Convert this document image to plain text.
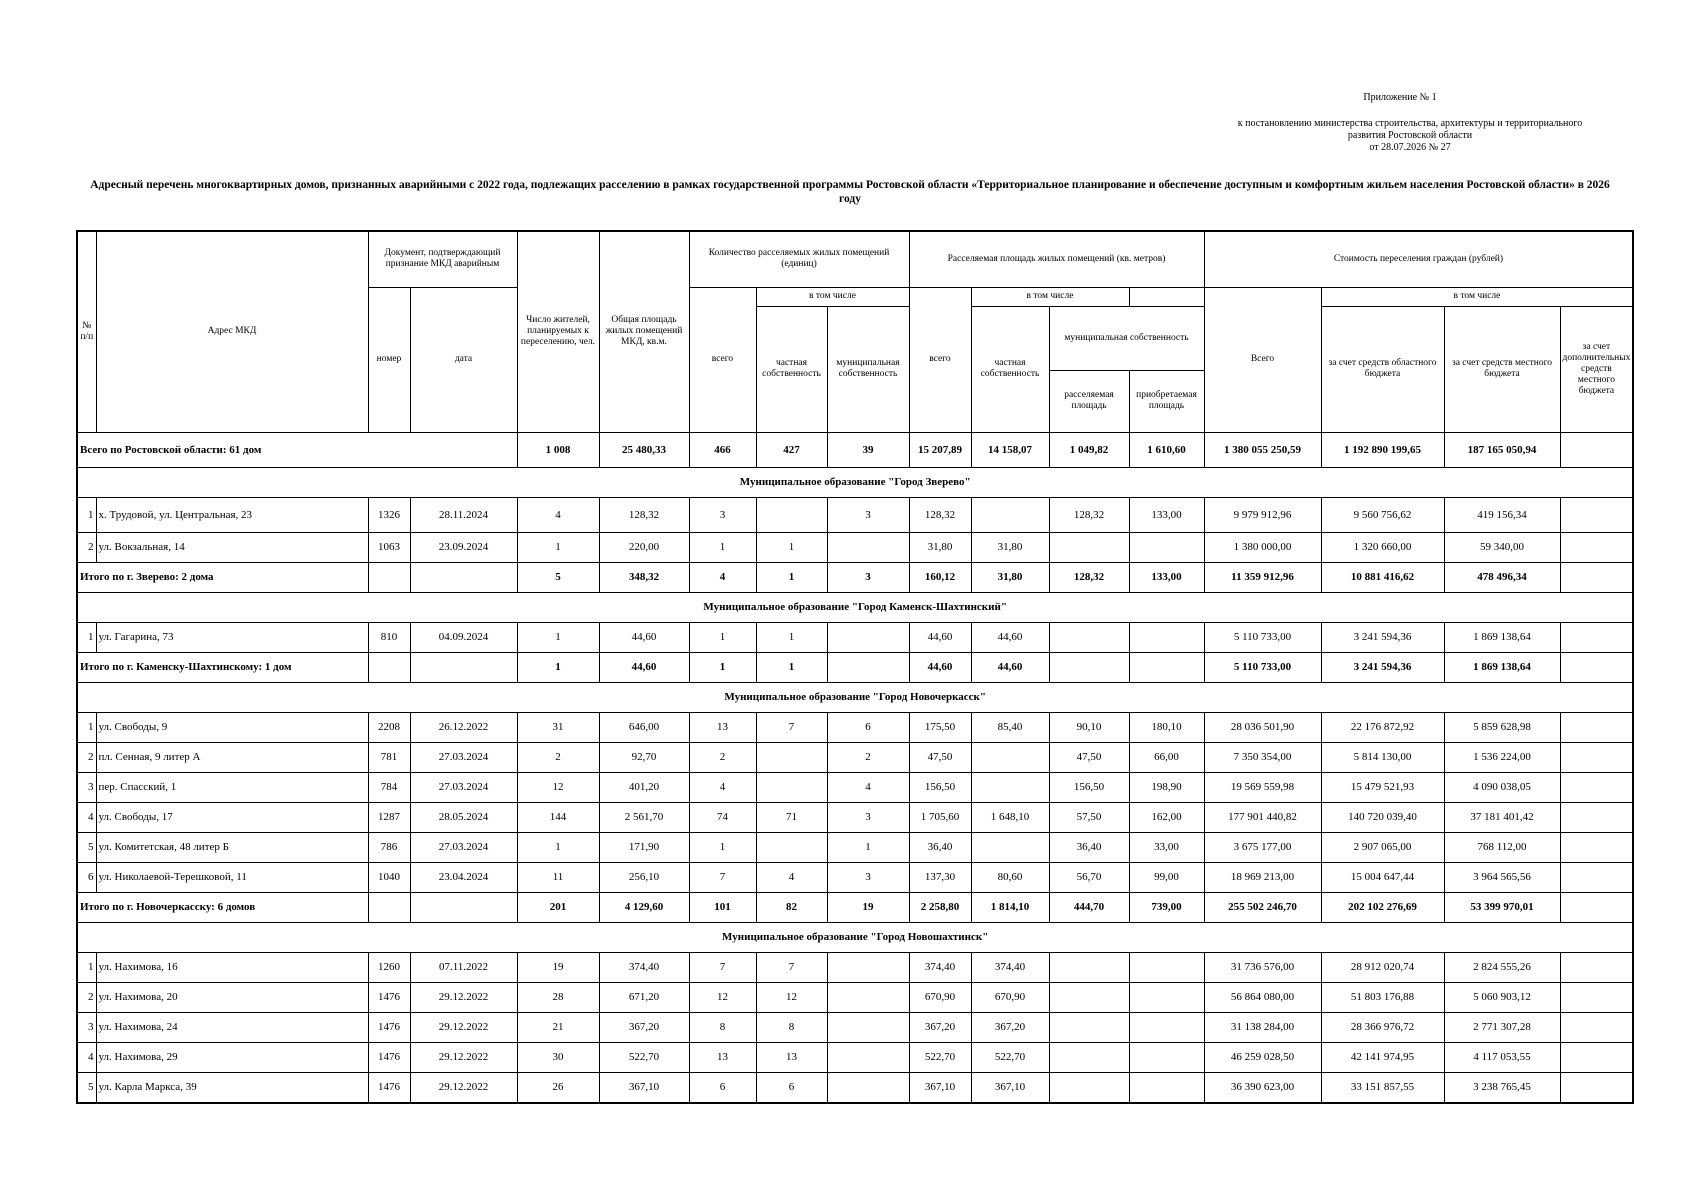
Приложение № 1
к постановлению министерства строительства, архитектуры и территориального
развития Ростовской области
от 28.07.2026 № 27
Адресный перечень многоквартирных домов, признанных аварийными с 2022 года, подлежащих расселению в рамках государственной программы Ростовской области «Территориальное планирование и обеспечение доступным и комфортным жильем населения Ростовской области» в 2026 году
№ п/п	Адрес МКД	Документ, подтверждающий признание МКД аварийным		Число жителей, планируемых к переселению, чел.	Общая площадь жилых помещений МКД, кв.м.	Количество расселяемых жилых помещений (единиц)			Расселяемая площадь жилых помещений (кв. метров)				Стоимость переселения граждан (рублей)			
		номер	дата			всего	в том числе		всего	в том числе			Всего	в том числе		
							частная собственность	муниципальная собственность		частная собственность	муниципальная собственность			за счет средств областного бюджета	за счет средств местного бюджета	за счет дополнительных средств местного бюджета
											расселяемая площадь	приобретаемая площадь				
Всего по Ростовской области: 61 дом				1 008	25 480,33	466	427	39	15 207,89	14 158,07	1 049,82	1 610,60	1 380 055 250,59	1 192 890 199,65	187 165 050,94	
Муниципальное образование "Город Зверево"																
1	х. Трудовой, ул. Центральная, 23	1326	28.11.2024	4	128,32	3		3	128,32		128,32	133,00	9 979 912,96	9 560 756,62	419 156,34	
2	ул. Вокзальная, 14	1063	23.09.2024	1	220,00	1	1		31,80	31,80			1 380 000,00	1 320 660,00	59 340,00	
Итого по г. Зверево: 2 дома				5	348,32	4	1	3	160,12	31,80	128,32	133,00	11 359 912,96	10 881 416,62	478 496,34	
Муниципальное образование "Город Каменск-Шахтинский"																
1	ул. Гагарина, 73	810	04.09.2024	1	44,60	1	1		44,60	44,60			5 110 733,00	3 241 594,36	1 869 138,64	
Итого по г. Каменску-Шахтинскому: 1 дом				1	44,60	1	1		44,60	44,60			5 110 733,00	3 241 594,36	1 869 138,64	
Муниципальное образование "Город Новочеркасск"																
1	ул. Свободы, 9	2208	26.12.2022	31	646,00	13	7	6	175,50	85,40	90,10	180,10	28 036 501,90	22 176 872,92	5 859 628,98	
2	пл. Сенная, 9 литер А	781	27.03.2024	2	92,70	2		2	47,50		47,50	66,00	7 350 354,00	5 814 130,00	1 536 224,00	
3	пер. Спасский, 1	784	27.03.2024	12	401,20	4		4	156,50		156,50	198,90	19 569 559,98	15 479 521,93	4 090 038,05	
4	ул. Свободы, 17	1287	28.05.2024	144	2 561,70	74	71	3	1 705,60	1 648,10	57,50	162,00	177 901 440,82	140 720 039,40	37 181 401,42	
5	ул. Комитетская, 48 литер Б	786	27.03.2024	1	171,90	1		1	36,40		36,40	33,00	3 675 177,00	2 907 065,00	768 112,00	
6	ул. Николаевой-Терешковой, 11	1040	23.04.2024	11	256,10	7	4	3	137,30	80,60	56,70	99,00	18 969 213,00	15 004 647,44	3 964 565,56	
Итого по г. Новочеркасску: 6 домов				201	4 129,60	101	82	19	2 258,80	1 814,10	444,70	739,00	255 502 246,70	202 102 276,69	53 399 970,01	
Муниципальное образование "Город Новошахтинск"																
1	ул. Нахимова, 16	1260	07.11.2022	19	374,40	7	7		374,40	374,40			31 736 576,00	28 912 020,74	2 824 555,26	
2	ул. Нахимова, 20	1476	29.12.2022	28	671,20	12	12		670,90	670,90			56 864 080,00	51 803 176,88	5 060 903,12	
3	ул. Нахимова, 24	1476	29.12.2022	21	367,20	8	8		367,20	367,20			31 138 284,00	28 366 976,72	2 771 307,28	
4	ул. Нахимова, 29	1476	29.12.2022	30	522,70	13	13		522,70	522,70			46 259 028,50	42 141 974,95	4 117 053,55	
5	ул. Карла Маркса, 39	1476	29.12.2022	26	367,10	6	6		367,10	367,10			36 390 623,00	33 151 857,55	3 238 765,45	
